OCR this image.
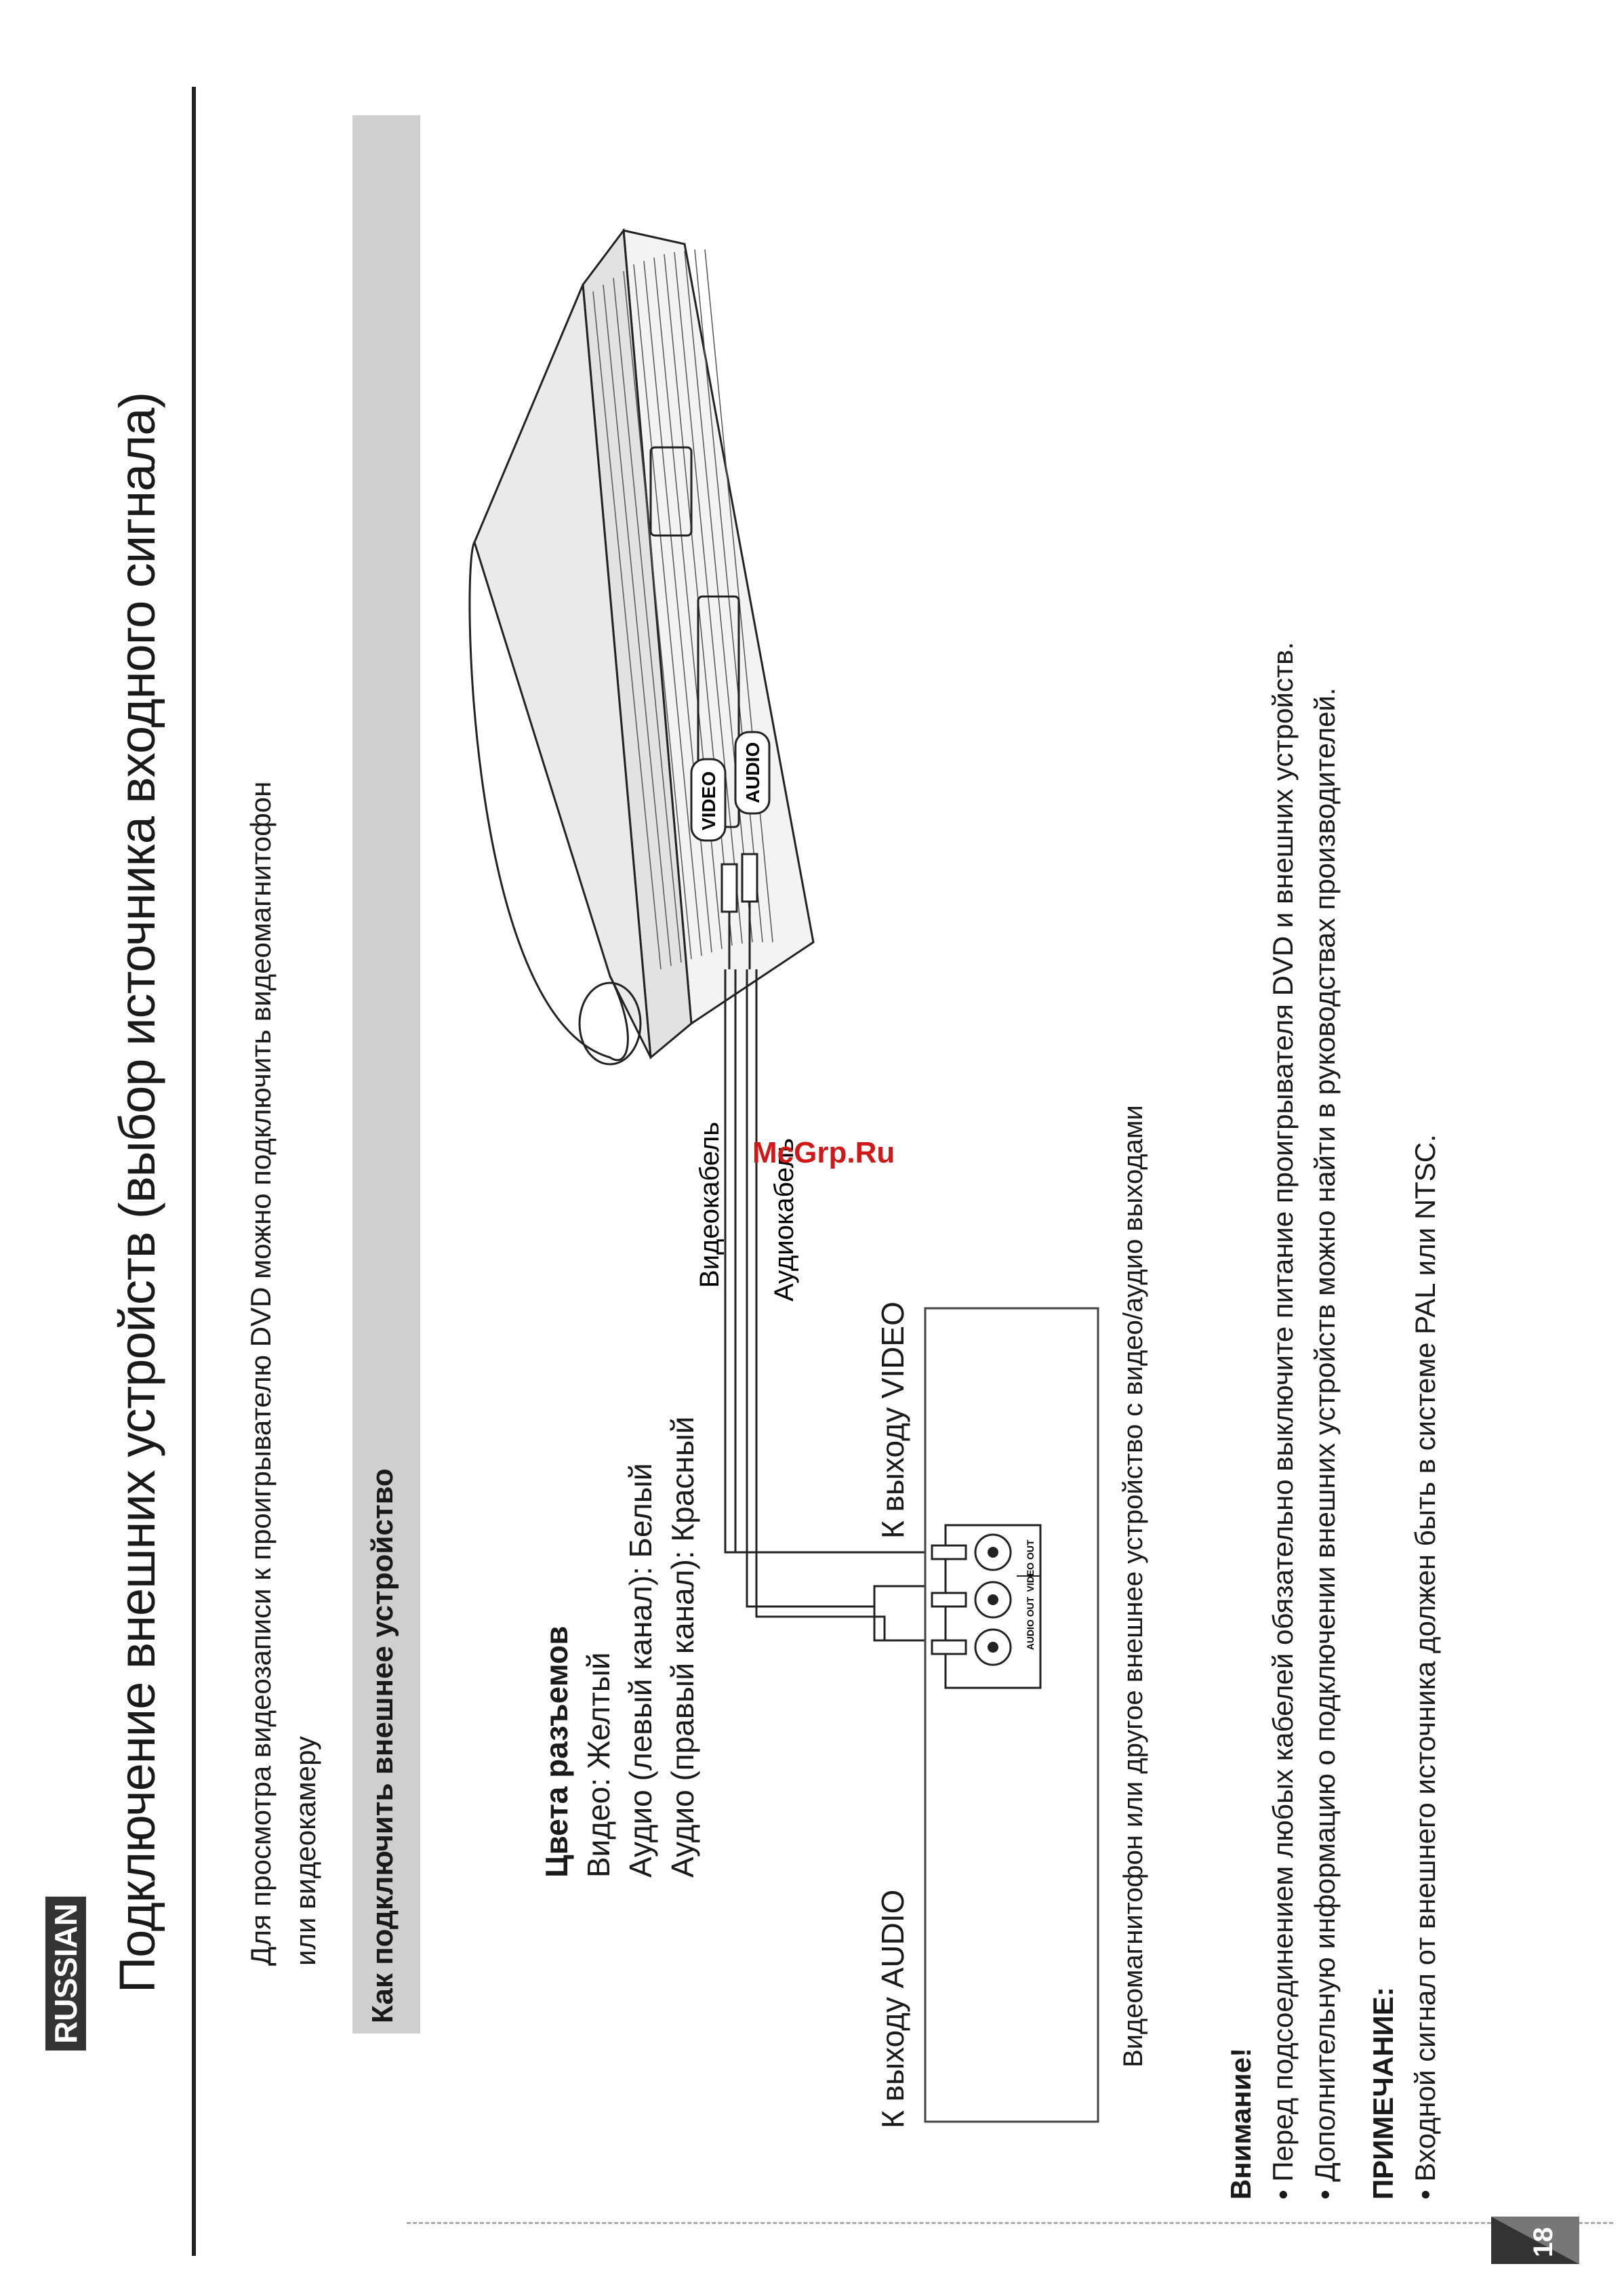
RUSSIAN Подключение внешних устройств (выбор источника входного сигнала)	Для просмотра видеозаписи к проигрывателю DVD можно подключить видеомагнитофон или видеокамеру Как подключить внешнее устройство	Цвета разъемов Видео: Желтый Аудио (левый канал): Белый Аудио (правый канал): Красный
VIDEO AUDIO
VIDEO OUT
AUDIO OUT
Видеокабель Аудиокабель
McGrp.Ru
К выходу VIDEO
К выходу AUDIO	Видеомагнитофон или другое внешнее устройство с видео/аудио выходами
Внимание! • Перед подсоединением любых кабелей обязательно выключите питание проигрывателя DVD и внешних устройств. • Дополнительную информацию о подключении внешних устройств можно найти в руководствах производителей. ПРИМЕЧАНИЕ: • Входной сигнал от внешнего источника должен быть в системе PAL или NTSC.
18
